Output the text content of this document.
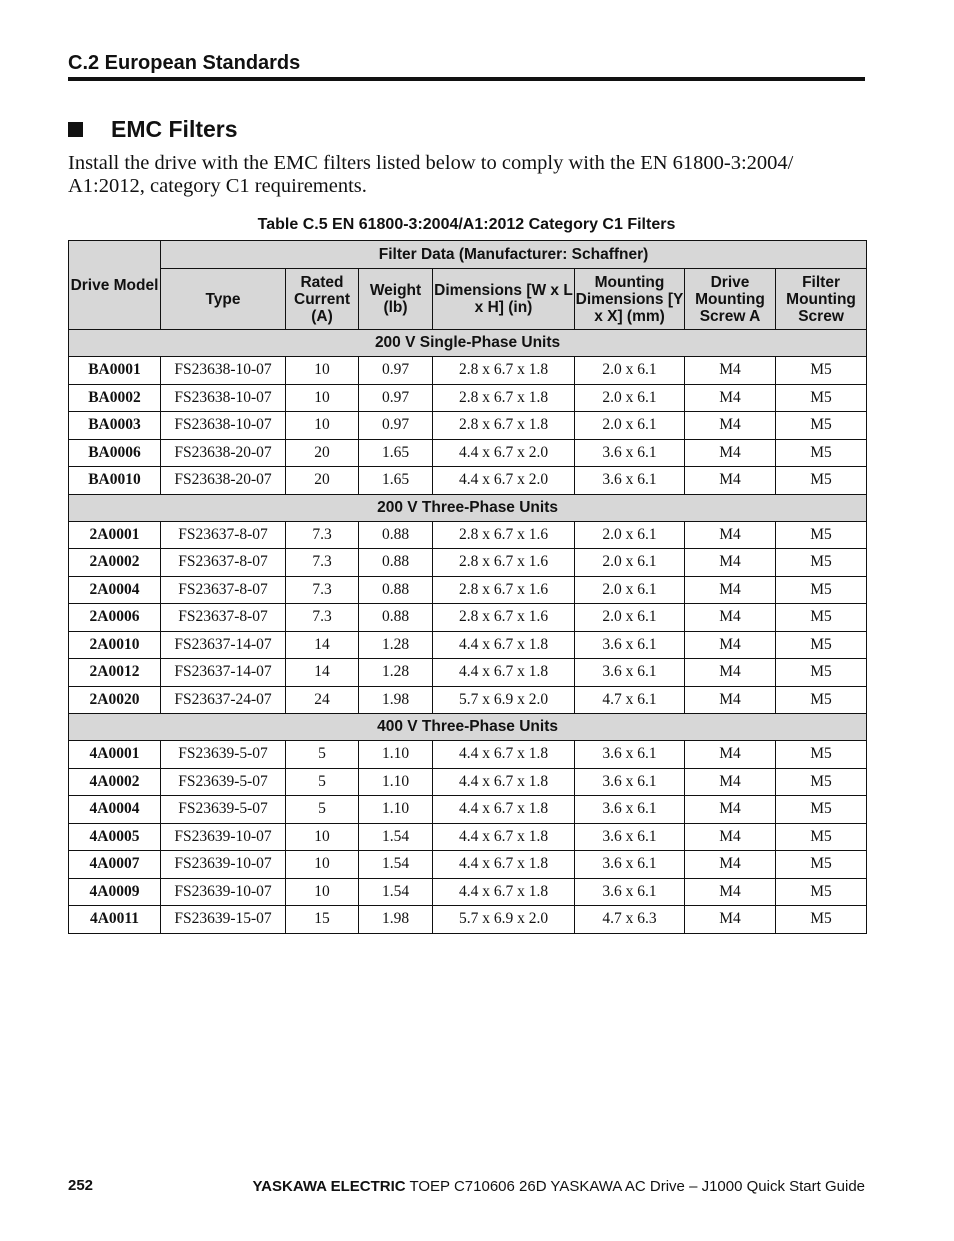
C.2 European Standards
EMC Filters
Install the drive with the EMC filters listed below to comply with the EN 61800-3:2004/ A1:2012, category C1 requirements.
Table C.5 EN 61800-3:2004/A1:2012 Category C1 Filters
Drive Model	Filter Data (Manufacturer: Schaffner)						
	Type	Rated Current (A)	Weight (lb)	Dimensions [W x L x H] (in)	Mounting Dimensions [Y x X] (mm)	Drive Mounting Screw A	Filter Mounting Screw
200 V Single-Phase Units							
BA0001	FS23638-10-07	10	0.97	2.8 x 6.7 x 1.8	2.0 x 6.1	M4	M5
BA0002	FS23638-10-07	10	0.97	2.8 x 6.7 x 1.8	2.0 x 6.1	M4	M5
BA0003	FS23638-10-07	10	0.97	2.8 x 6.7 x 1.8	2.0 x 6.1	M4	M5
BA0006	FS23638-20-07	20	1.65	4.4 x 6.7 x 2.0	3.6 x 6.1	M4	M5
BA0010	FS23638-20-07	20	1.65	4.4 x 6.7 x 2.0	3.6 x 6.1	M4	M5
200 V Three-Phase Units							
2A0001	FS23637-8-07	7.3	0.88	2.8 x 6.7 x 1.6	2.0 x 6.1	M4	M5
2A0002	FS23637-8-07	7.3	0.88	2.8 x 6.7 x 1.6	2.0 x 6.1	M4	M5
2A0004	FS23637-8-07	7.3	0.88	2.8 x 6.7 x 1.6	2.0 x 6.1	M4	M5
2A0006	FS23637-8-07	7.3	0.88	2.8 x 6.7 x 1.6	2.0 x 6.1	M4	M5
2A0010	FS23637-14-07	14	1.28	4.4 x 6.7 x 1.8	3.6 x 6.1	M4	M5
2A0012	FS23637-14-07	14	1.28	4.4 x 6.7 x 1.8	3.6 x 6.1	M4	M5
2A0020	FS23637-24-07	24	1.98	5.7 x 6.9 x 2.0	4.7 x 6.1	M4	M5
400 V Three-Phase Units							
4A0001	FS23639-5-07	5	1.10	4.4 x 6.7 x 1.8	3.6 x 6.1	M4	M5
4A0002	FS23639-5-07	5	1.10	4.4 x 6.7 x 1.8	3.6 x 6.1	M4	M5
4A0004	FS23639-5-07	5	1.10	4.4 x 6.7 x 1.8	3.6 x 6.1	M4	M5
4A0005	FS23639-10-07	10	1.54	4.4 x 6.7 x 1.8	3.6 x 6.1	M4	M5
4A0007	FS23639-10-07	10	1.54	4.4 x 6.7 x 1.8	3.6 x 6.1	M4	M5
4A0009	FS23639-10-07	10	1.54	4.4 x 6.7 x 1.8	3.6 x 6.1	M4	M5
4A0011	FS23639-15-07	15	1.98	5.7 x 6.9 x 2.0	4.7 x 6.3	M4	M5
252	YASKAWA ELECTRIC TOEP C710606 26D YASKAWA AC Drive – J1000 Quick Start Guide
